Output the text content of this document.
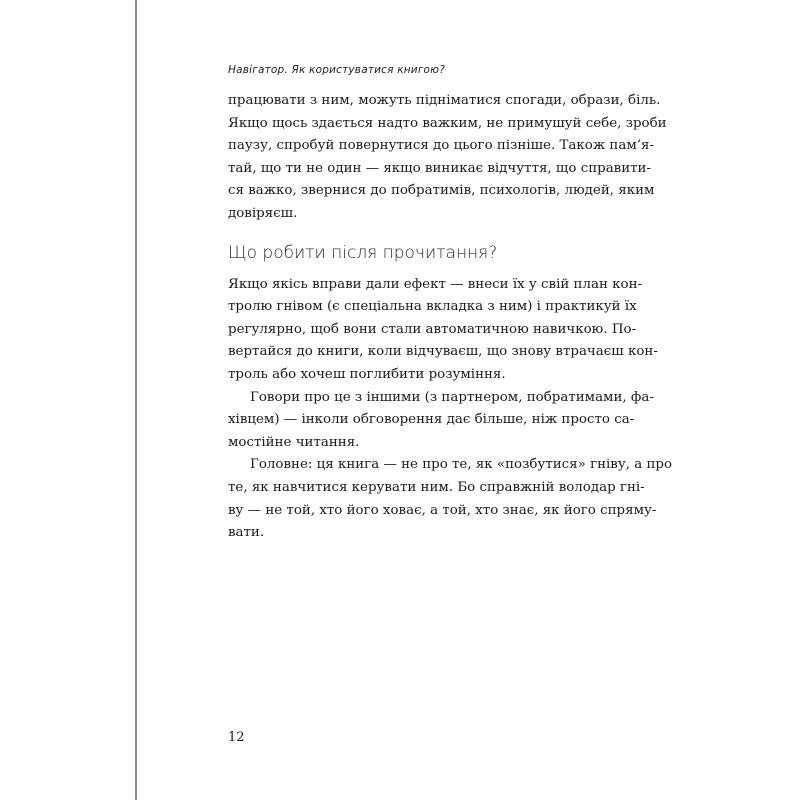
Навігатор. Як користуватися книгою?

працювати з ним, можуть підніматися спогади, образи, біль.
Якщо щось здається надто важким, не примушуй себе, зроби
паузу, спробуй повернутися до цього пізніше. Також пам’я-
тай, що ти не один — якщо виникає відчуття, що справити-
ся важко, звернися до побратимів, психологів, людей, яким
довіряєш.

Що робити після прочитання?

Якщо якісь вправи дали ефект — внеси їх у свій план кон-
тролю гнівом (є спеціальна вкладка з ним) і практикуй їх
регулярно, щоб вони стали автоматичною навичкою. По-
вертайся до книги, коли відчуваєш, що знову втрачаєш кон-
троль або хочеш поглибити розуміння.

Говори про це з іншими (з партнером, побратимами, фа-
хівцем) — інколи обговорення дає більше, ніж просто са-
мостійне читання.

Головне: ця книга — не про те, як «позбутися» гніву, а про
те, як навчитися керувати ним. Бо справжній володар гні-
ву — не той, хто його ховає, а той, хто знає, як його спряму-
вати.

12
